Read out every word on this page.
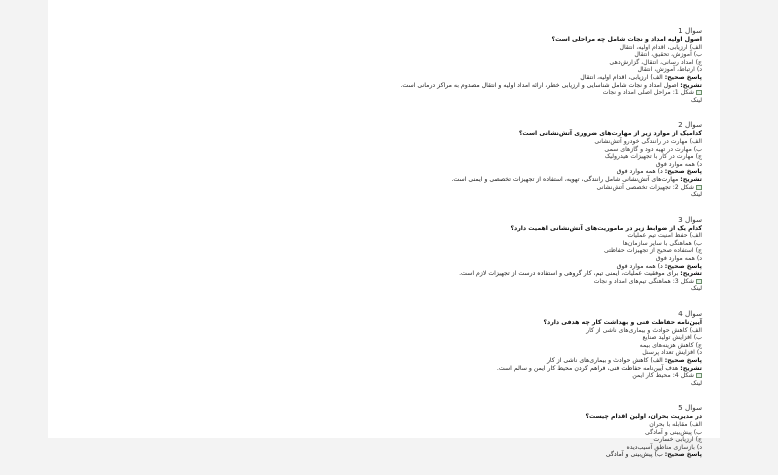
سوال 1
اصول اولیه امداد و نجات شامل چه مراحلی است؟
الف) ارزیابی، اقدام اولیه، انتقال
ب) آموزش، تحقیق، انتقال
ج) امداد رسانی، انتقال، گزارش‌دهی
د) ارتباط، آموزش، انتقال
پاسخ صحیح: الف) ارزیابی، اقدام اولیه، انتقال
تشریح: اصول امداد و نجات شامل شناسایی و ارزیابی خطر، ارائه امداد اولیه و انتقال مصدوم به مراکز درمانی است.
شکل 1: مراحل اصلی امداد و نجات
لینک
سوال 2
کدامیک از موارد زیر از مهارت‌های ضروری آتش‌نشانی است؟
الف) مهارت در رانندگی خودرو آتش‌نشانی
ب) مهارت در تهیه دود و گازهای سمی
ج) مهارت در کار با تجهیزات هیدرولیک
د) همه موارد فوق
پاسخ صحیح: د) همه موارد فوق
تشریح: مهارت‌های آتش‌نشانی شامل رانندگی، تهویه، استفاده از تجهیزات تخصصی و ایمنی است.
شکل 2: تجهیزات تخصصی آتش‌نشانی
لینک
سوال 3
کدام یک از ضوابط زیر در ماموریت‌های آتش‌نشانی اهمیت دارد؟
الف) حفظ امنیت تیم عملیات
ب) هماهنگی با سایر سازمان‌ها
ج) استفاده صحیح از تجهیزات حفاظتی
د) همه موارد فوق
پاسخ صحیح: د) همه موارد فوق
تشریح: برای موفقیت عملیات، ایمنی تیم، کار گروهی و استفاده درست از تجهیزات لازم است.
شکل 3: هماهنگی تیم‌های امداد و نجات
لینک
سوال 4
آیین‌نامه حفاظت فنی و بهداشت کار چه هدفی دارد؟
الف) کاهش حوادث و بیماری‌های ناشی از کار
ب) افزایش تولید صنایع
ج) کاهش هزینه‌های بیمه
د) افزایش تعداد پرسنل
پاسخ صحیح: الف) کاهش حوادث و بیماری‌های ناشی از کار
تشریح: هدف آیین‌نامه حفاظت فنی، فراهم کردن محیط کار ایمن و سالم است.
شکل 4: محیط کار ایمن
لینک
سوال 5
در مدیریت بحران، اولین اقدام چیست؟
الف) مقابله با بحران
ب) پیش‌بینی و آمادگی
ج) ارزیابی خسارت
د) بازسازی مناطق آسیب‌دیده
پاسخ صحیح: ب) پیش‌بینی و آمادگی
